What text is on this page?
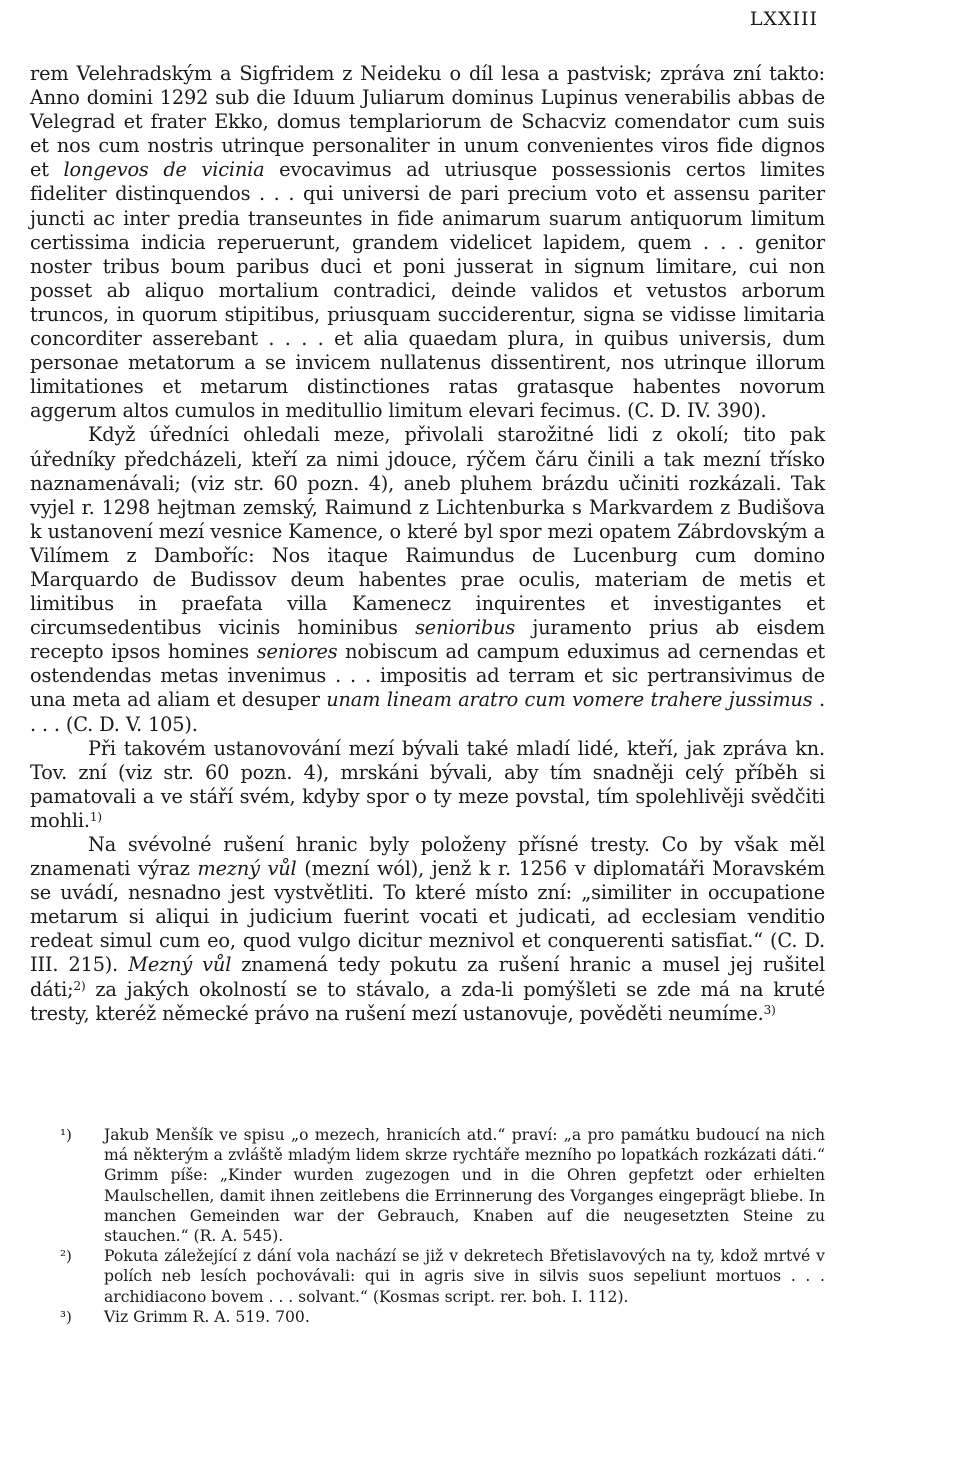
LXXIII

rem Velehradským a Sigfridem z Neideku o díl lesa a pastvisk; zpráva zní takto: Anno domini 1292 sub die Iduum Juliarum dominus Lupinus venerabilis abbas de Velegrad et frater Ekko, domus templariorum de Schacviz comendator cum suis et nos cum nostris utrinque personaliter in unum convenientes viros fide dignos et longevos de vicinia evocavimus ad utriusque possessionis certos limites fideliter distinquendos . . . qui universi de pari precium voto et assensu pariter juncti ac inter predia transeuntes in fide animarum suarum antiquorum limitum certissima indicia reperuerunt, grandem videlicet lapidem, quem . . . genitor noster tribus boum paribus duci et poni jusserat in signum limitare, cui non posset ab aliquo mortalium contradici, deinde validos et vetustos arborum truncos, in quorum stipitibus, priusquam succiderentur, signa se vidisse limitaria concorditer asserebant . . . . et alia quaedam plura, in quibus universis, dum personae metatorum a se invicem nullatenus dissentirent, nos utrinque illorum limitationes et metarum distinctiones ratas gratasque habentes novorum aggerum altos cumulos in meditullio limitum elevari fecimus. (C. D. IV. 390).

Když úředníci ohledali meze, přivolali starožitné lidi z okolí; tito pak úředníky předcházeli, kteří za nimi jdouce, rýčem čáru činili a tak mezní třísko naznamenávali; (viz str. 60 pozn. 4), aneb pluhem brázdu učiniti rozkázali. Tak vyjel r. 1298 hejtman zemský, Raimund z Lichtenburka s Markvardem z Budišova k ustanovení mezí vesnice Kamence, o které byl spor mezi opatem Zábrdovským a Vilímem z Damboříc: Nos itaque Raimundus de Lucenburg cum domino Marquardo de Budissov deum habentes prae oculis, materiam de metis et limitibus in praefata villa Kamenecz inquirentes et investigantes et circumsedentibus vicinis hominibus senioribus juramento prius ab eisdem recepto ipsos homines seniores nobiscum ad campum eduximus ad cernendas et ostendendas metas invenimus . . . impositis ad terram et sic pertransivimus de una meta ad aliam et desuper unam lineam aratro cum vomere trahere jussimus . . . . (C. D. V. 105).

Při takovém ustanovování mezí bývali také mladí lidé, kteří, jak zpráva kn. Tov. zní (viz str. 60 pozn. 4), mrskáni bývali, aby tím snadněji celý příběh si pamatovali a ve stáří svém, kdyby spor o ty meze povstal, tím spolehlivěji svědčiti mohli.$^{1)}$

Na svévolné rušení hranic byly položeny přísné tresty. Co by však měl znamenati výraz mezný vůl (mezní wól), jenž k r. 1256 v diplomatáři Moravském se uvádí, nesnadno jest vystvětliti. To které místo zní: „similiter in occupatione metarum si aliqui in judicium fuerint vocati et judicati, ad ecclesiam venditio redeat simul cum eo, quod vulgo dicitur meznivol et conquerenti satisfiat.“ (C. D. III. 215). Mezný vůl znamená tedy pokutu za rušení hranic a musel jej rušitel dáti;$^{2)}$ za jakých okolností se to stávalo, a zda-li pomýšleti se zde má na kruté tresty, kteréž německé právo na rušení mezí ustanovuje, pověděti neumíme.$^{3)}$

¹) Jakub Menšík ve spisu „o mezech, hranicích atd.“ praví: „a pro památku budoucí na nich má některým a zvláště mladým lidem skrze rychtáře mezního po lopatkách rozkázati dáti.“ Grimm píše: „Kinder wurden zugezogen und in die Ohren gepfetzt oder erhielten Maulschellen, damit ihnen zeitlebens die Errinnerung des Vorganges eingeprägt bliebe. In manchen Gemeinden war der Gebrauch, Knaben auf die neugesetzten Steine zu stauchen.“ (R. A. 545).

²) Pokuta záležející z dání vola nachází se již v dekretech Břetislavových na ty, kdož mrtvé v polích neb lesích pochovávali: qui in agris sive in silvis suos sepeliunt mortuos . . . archidiacono bovem . . . solvant.“ (Kosmas script. rer. boh. I. 112).

³) Viz Grimm R. A. 519. 700.
